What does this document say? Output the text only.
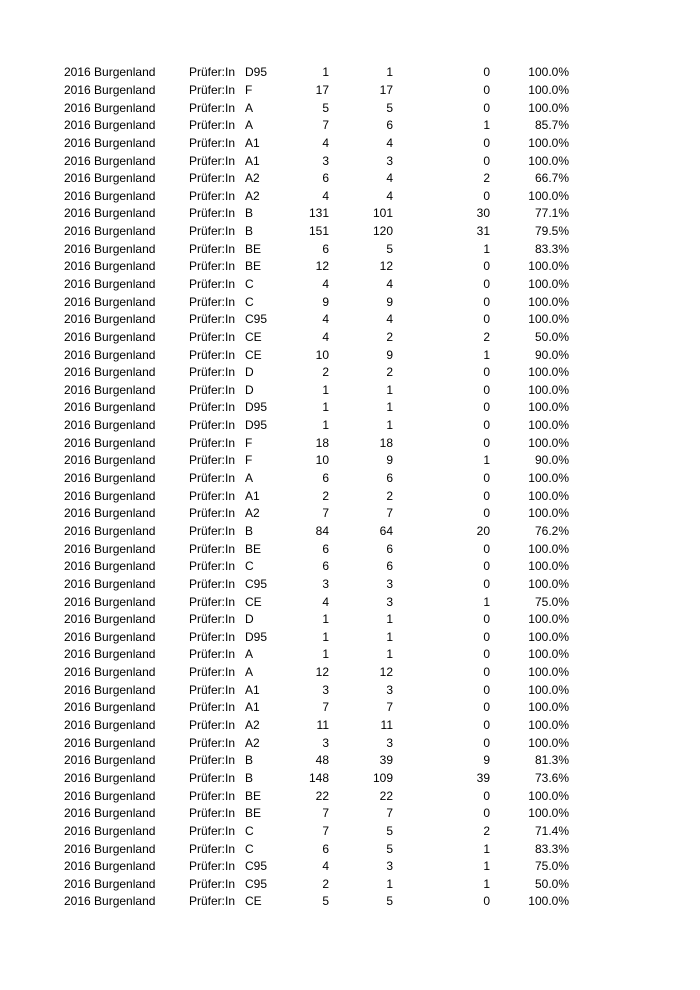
2016 Burgenland	Prüfer:In	D95	1	1	0	100.0%
2016 Burgenland	Prüfer:In	F	17	17	0	100.0%
2016 Burgenland	Prüfer:In	A	5	5	0	100.0%
2016 Burgenland	Prüfer:In	A	7	6	1	85.7%
2016 Burgenland	Prüfer:In	A1	4	4	0	100.0%
2016 Burgenland	Prüfer:In	A1	3	3	0	100.0%
2016 Burgenland	Prüfer:In	A2	6	4	2	66.7%
2016 Burgenland	Prüfer:In	A2	4	4	0	100.0%
2016 Burgenland	Prüfer:In	B	131	101	30	77.1%
2016 Burgenland	Prüfer:In	B	151	120	31	79.5%
2016 Burgenland	Prüfer:In	BE	6	5	1	83.3%
2016 Burgenland	Prüfer:In	BE	12	12	0	100.0%
2016 Burgenland	Prüfer:In	C	4	4	0	100.0%
2016 Burgenland	Prüfer:In	C	9	9	0	100.0%
2016 Burgenland	Prüfer:In	C95	4	4	0	100.0%
2016 Burgenland	Prüfer:In	CE	4	2	2	50.0%
2016 Burgenland	Prüfer:In	CE	10	9	1	90.0%
2016 Burgenland	Prüfer:In	D	2	2	0	100.0%
2016 Burgenland	Prüfer:In	D	1	1	0	100.0%
2016 Burgenland	Prüfer:In	D95	1	1	0	100.0%
2016 Burgenland	Prüfer:In	D95	1	1	0	100.0%
2016 Burgenland	Prüfer:In	F	18	18	0	100.0%
2016 Burgenland	Prüfer:In	F	10	9	1	90.0%
2016 Burgenland	Prüfer:In	A	6	6	0	100.0%
2016 Burgenland	Prüfer:In	A1	2	2	0	100.0%
2016 Burgenland	Prüfer:In	A2	7	7	0	100.0%
2016 Burgenland	Prüfer:In	B	84	64	20	76.2%
2016 Burgenland	Prüfer:In	BE	6	6	0	100.0%
2016 Burgenland	Prüfer:In	C	6	6	0	100.0%
2016 Burgenland	Prüfer:In	C95	3	3	0	100.0%
2016 Burgenland	Prüfer:In	CE	4	3	1	75.0%
2016 Burgenland	Prüfer:In	D	1	1	0	100.0%
2016 Burgenland	Prüfer:In	D95	1	1	0	100.0%
2016 Burgenland	Prüfer:In	A	1	1	0	100.0%
2016 Burgenland	Prüfer:In	A	12	12	0	100.0%
2016 Burgenland	Prüfer:In	A1	3	3	0	100.0%
2016 Burgenland	Prüfer:In	A1	7	7	0	100.0%
2016 Burgenland	Prüfer:In	A2	11	11	0	100.0%
2016 Burgenland	Prüfer:In	A2	3	3	0	100.0%
2016 Burgenland	Prüfer:In	B	48	39	9	81.3%
2016 Burgenland	Prüfer:In	B	148	109	39	73.6%
2016 Burgenland	Prüfer:In	BE	22	22	0	100.0%
2016 Burgenland	Prüfer:In	BE	7	7	0	100.0%
2016 Burgenland	Prüfer:In	C	7	5	2	71.4%
2016 Burgenland	Prüfer:In	C	6	5	1	83.3%
2016 Burgenland	Prüfer:In	C95	4	3	1	75.0%
2016 Burgenland	Prüfer:In	C95	2	1	1	50.0%
2016 Burgenland	Prüfer:In	CE	5	5	0	100.0%
